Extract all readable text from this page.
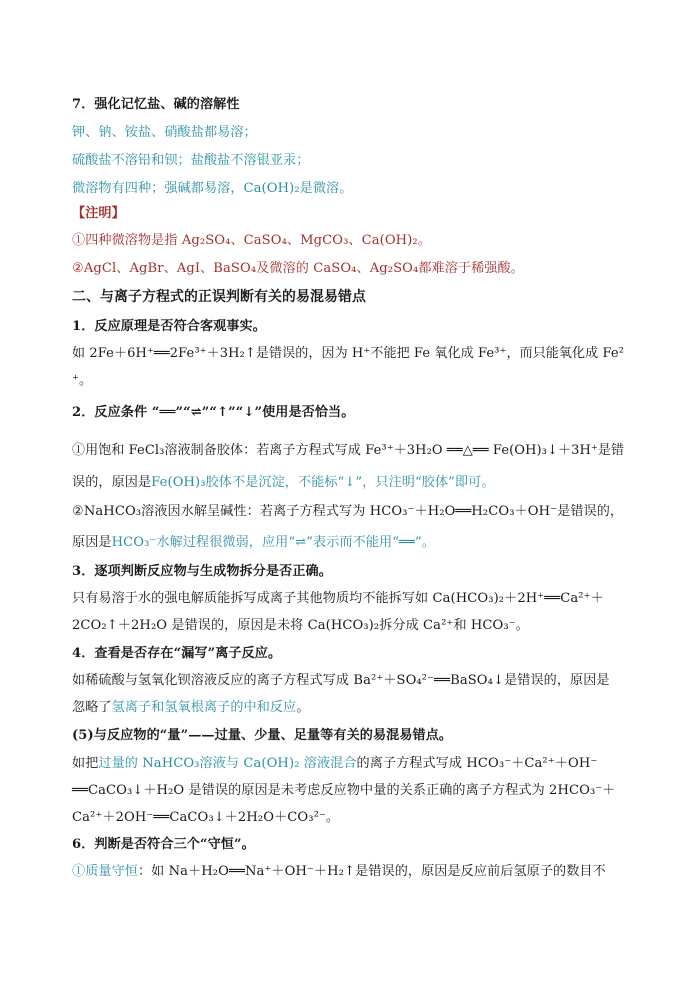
7．强化记忆盐、碱的溶解性
钾、钠、铵盐、硝酸盐都易溶；
硫酸盐不溶铅和钡；盐酸盐不溶银亚汞；
微溶物有四种；强碱都易溶，Ca(OH)₂是微溶。
【注明】
①四种微溶物是指 Ag₂SO₄、CaSO₄、MgCO₃、Ca(OH)₂。
②AgCl、AgBr、AgI、BaSO₄及微溶的 CaSO₄、Ag₂SO₄都难溶于稀强酸。
二、与离子方程式的正误判断有关的易混易错点
1．反应原理是否符合客观事实。
如 2Fe＋6H⁺══2Fe³⁺＋3H₂↑是错误的，因为 H⁺不能把 Fe 氧化成 Fe³⁺，而只能氧化成 Fe²
⁺。
2．反应条件 “══”“⇌”“↑”“↓”使用是否恰当。
①用饱和 FeCl₃溶液制备胶体：若离子方程式写成 Fe³⁺＋3H₂O ══△══ Fe(OH)₃↓＋3H⁺是错
误的，原因是Fe(OH)₃胶体不是沉淀，不能标“↓”，只注明“胶体”即可。
②NaHCO₃溶液因水解呈碱性：若离子方程式写为 HCO₃⁻＋H₂O══H₂CO₃＋OH⁻是错误的，
原因是HCO₃⁻水解过程很微弱，应用“⇌”表示而不能用“══”。
3．逐项判断反应物与生成物拆分是否正确。
只有易溶于水的强电解质能拆写成离子其他物质均不能拆写如 Ca(HCO₃)₂＋2H⁺══Ca²⁺＋
2CO₂↑＋2H₂O 是错误的，原因是未将 Ca(HCO₃)₂拆分成 Ca²⁺和 HCO₃⁻。
4．查看是否存在“漏写”离子反应。
如稀硫酸与氢氧化钡溶液反应的离子方程式写成 Ba²⁺＋SO₄²⁻══BaSO₄↓是错误的，原因是
忽略了氢离子和氢氧根离子的中和反应。
(5)与反应物的“量”——过量、少量、足量等有关的易混易错点。
如把过量的 NaHCO₃溶液与 Ca(OH)₂ 溶液混合的离子方程式写成 HCO₃⁻＋Ca²⁺＋OH⁻
══CaCO₃↓＋H₂O 是错误的原因是未考虑反应物中量的关系正确的离子方程式为 2HCO₃⁻＋
Ca²⁺＋2OH⁻══CaCO₃↓＋2H₂O＋CO₃²⁻。
6．判断是否符合三个“守恒”。
①质量守恒：如 Na＋H₂O══Na⁺＋OH⁻＋H₂↑是错误的，原因是反应前后氢原子的数目不
